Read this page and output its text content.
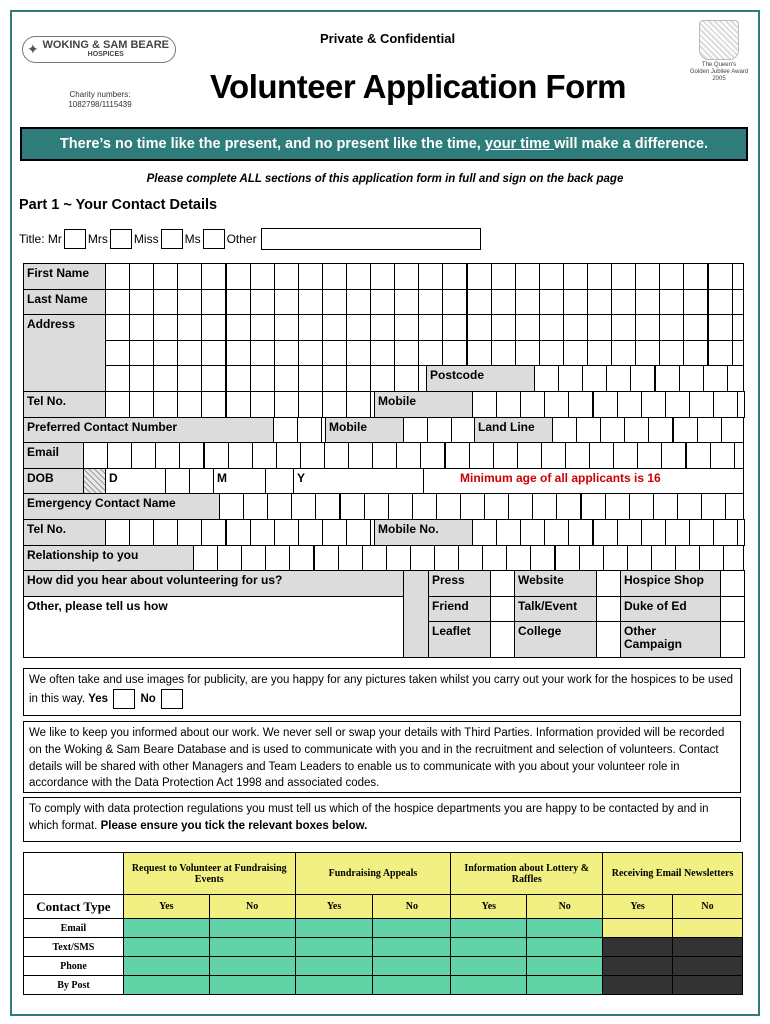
✦ WOKING & SAM BEARE
HOSPICES
Charity numbers:
1082798/1115439
Private & Confidential
Volunteer Application Form
The Queen's
Golden Jubilee Award
2005
There’s no time like the present, and no present like the time, your time will make a difference.
Please complete ALL sections of this application form in full and sign on the back page
Part 1 ~ Your Contact Details
Title:
Mr Mrs Miss Ms Other
First Name
Last Name
Address
Postcode
Tel No.	Mobile
Preferred Contact Number	Mobile	Land Line
Email
DOB	D	M	Y	Minimum age of all applicants is 16
Emergency Contact Name
Tel No.	Mobile No.
Relationship to you
How did you hear about volunteering for us?	Press	Website	Hospice Shop
Friend	Talk/Event	Duke of Ed
Leaflet	College	Other Campaign
Other, please tell us how
We often take and use images for publicity, are you happy for any pictures taken whilst you carry out your work for the hospices to be used in this way. Yes	No
We like to keep you informed about our work. We never sell or swap your details with Third Parties. Information provided will be recorded on the Woking & Sam Beare Database and is used to communicate with you and in the recruitment and selection of volunteers. Contact details will be shared with other Managers and Team Leaders to enable us to communicate with you about your volunteer role in accordance with the Data Protection Act 1998 and associated codes.
To comply with data protection regulations you must tell us which of the hospice departments you are happy to be contacted by and in which format. Please ensure you tick the relevant boxes below.
	Request to Volunteer at Fundraising Events		Fundraising Appeals		Information about Lottery & Raffles		Receiving Email Newsletters	
Contact Type	Yes	No	Yes	No	Yes	No	Yes	No
Email								
Text/SMS								
Phone								
By Post								
